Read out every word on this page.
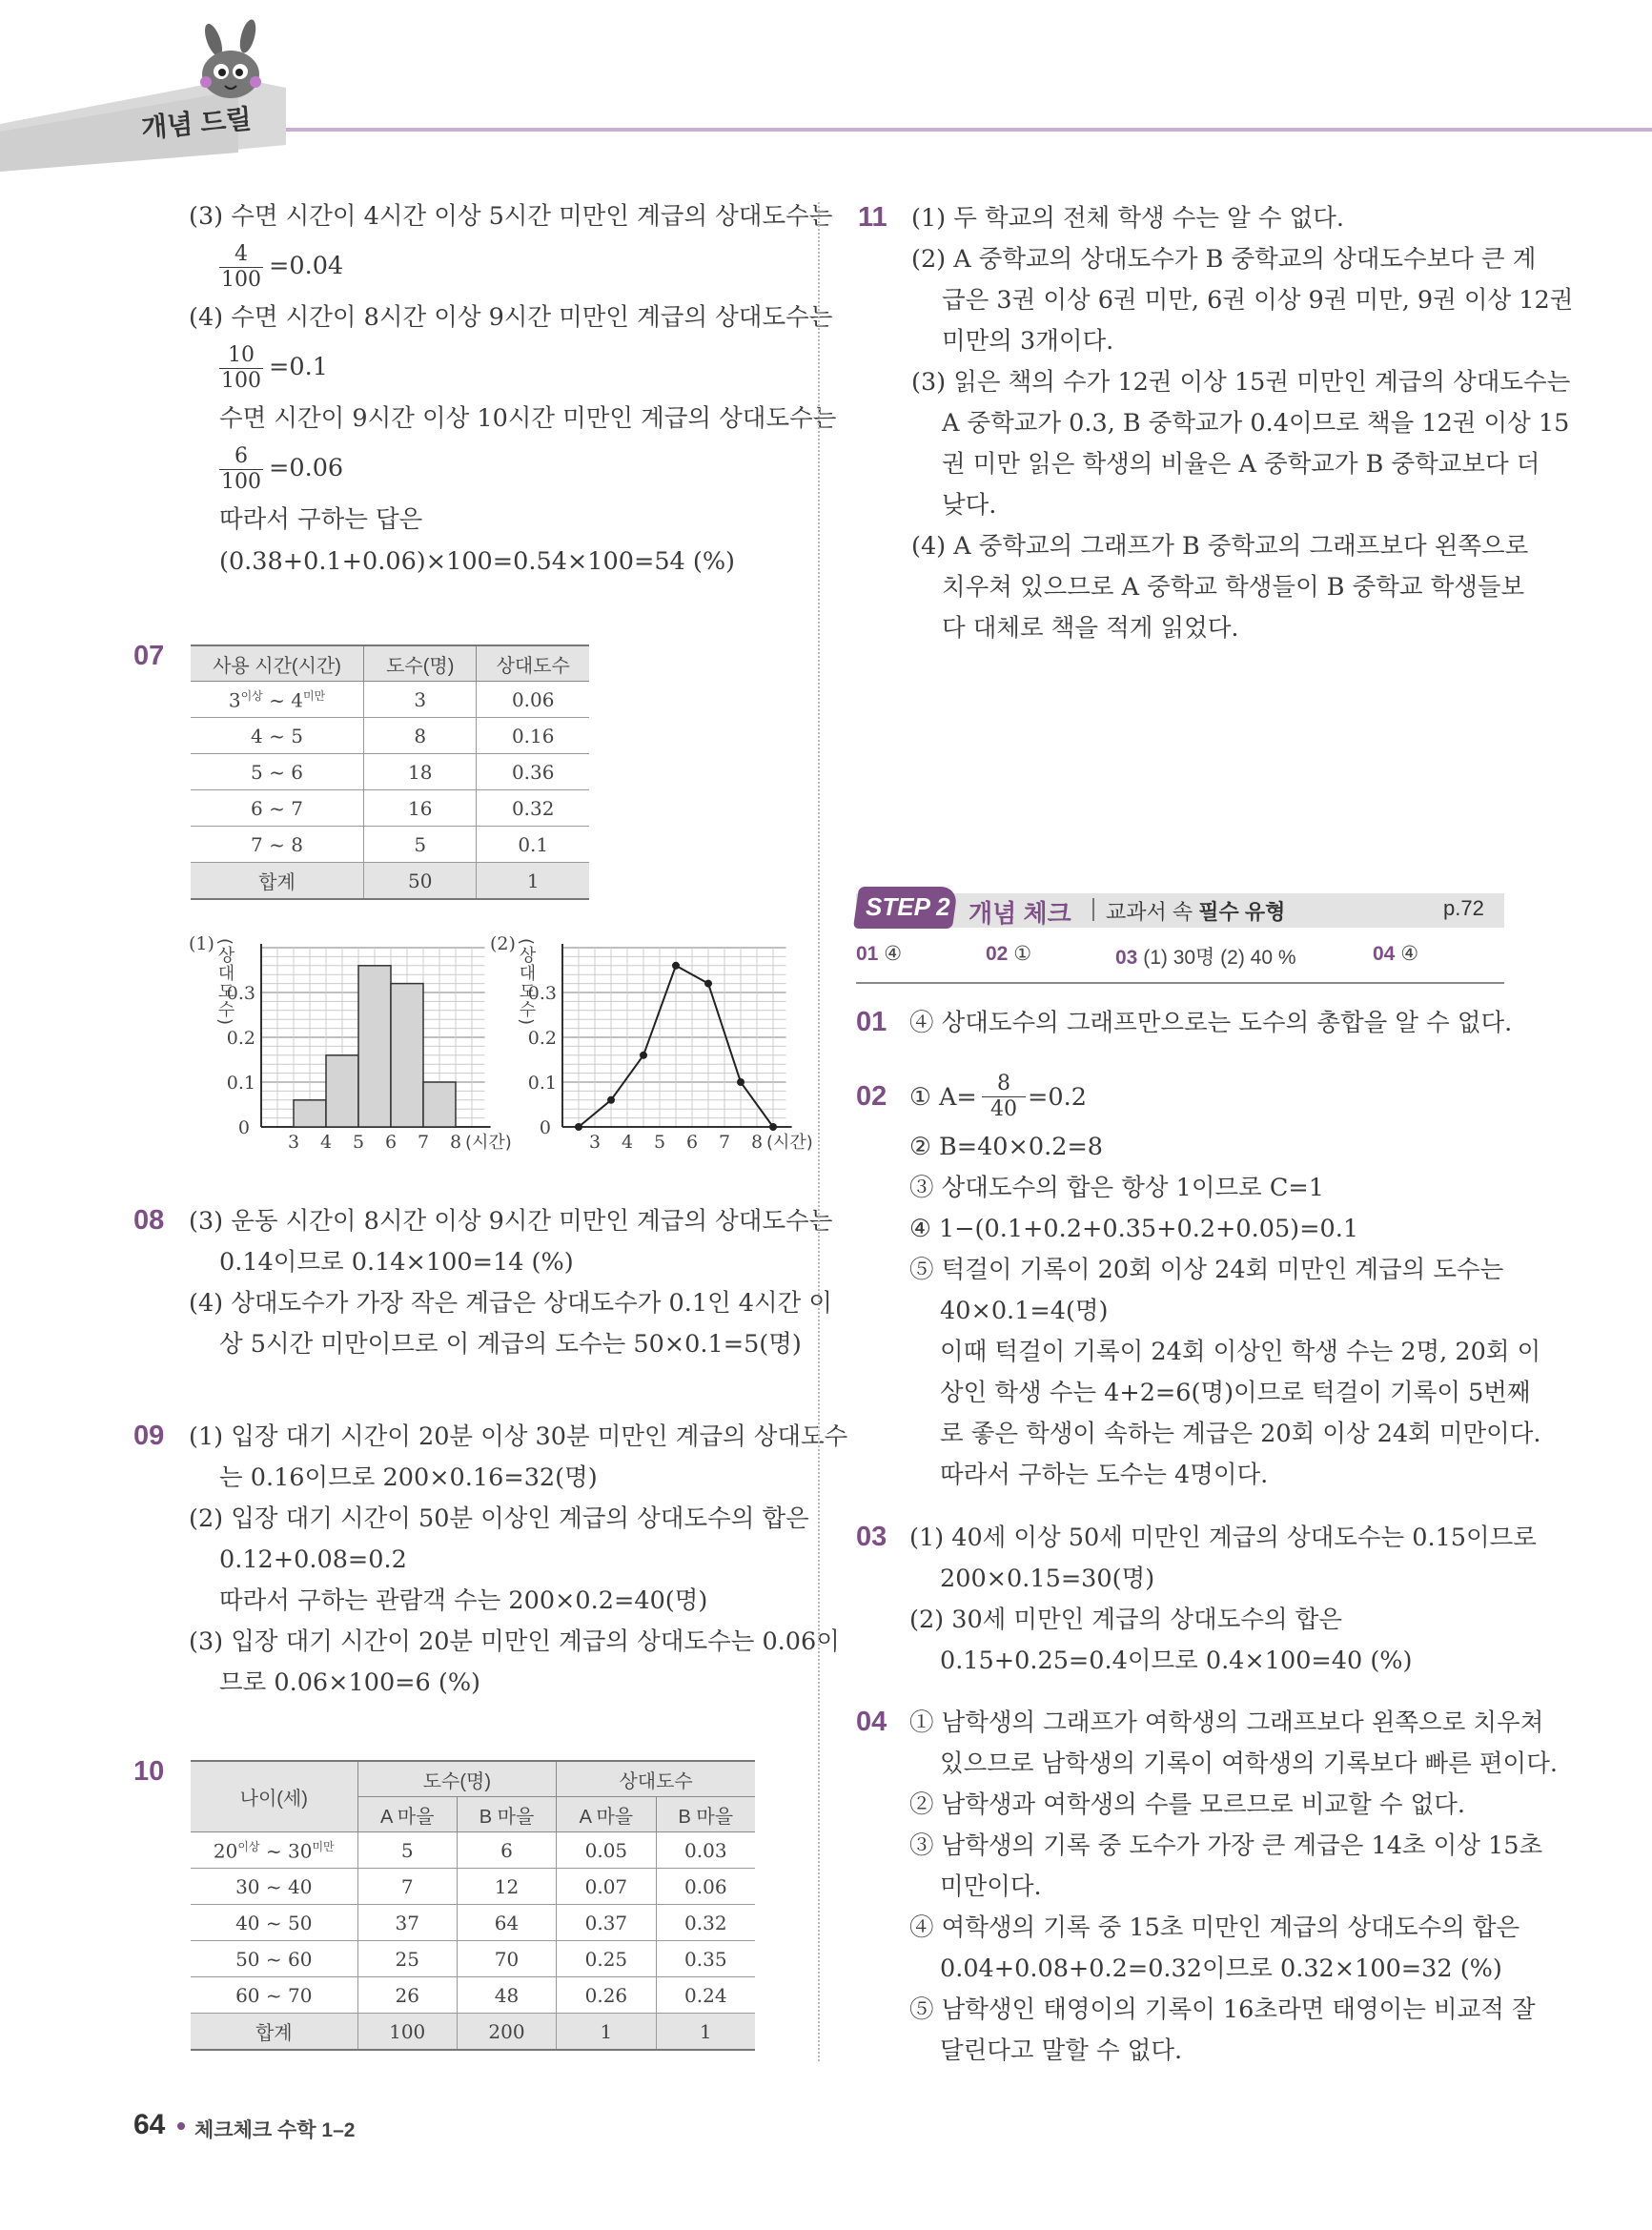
개념 드릴
(3) 수면 시간이 4시간 이상 5시간 미만인 계급의 상대도수는
$\frac{4}{100} =0.04$
(4) 수면 시간이 8시간 이상 9시간 미만인 계급의 상대도수는
$\frac{10}{100} =0.1$
수면 시간이 9시간 이상 10시간 미만인 계급의 상대도수는
$\frac{6}{100} =0.06$
따라서 구하는 답은
(0.38+0.1+0.06)×100=0.54×100=54 (%)
07	사용 시간(시간)	도수(명)	상대도수
$3^{이상}$ ~ $4^{미만}$	3	0.06
4 ~ 5	8	0.16
5 ~ 6	18	0.36
6 ~ 7	16	0.32
7 ~ 8	5	0.1
합계	50	1
0
0.1
0.2
0.3
3 4 5 6 7 8 (시간)
(1) (상대도수)
0
0.1
0.2
0.3
3 4 5 6 7 8 (시간)
(2) (상대도수)
08 (3) 운동 시간이 8시간 이상 9시간 미만인 계급의 상대도수는
0.14이므로 0.14×100=14 (%)
(4) 상대도수가 가장 작은 계급은 상대도수가 0.1인 4시간 이
상 5시간 미만이므로 이 계급의 도수는 50×0.1=5(명)
09 (1) 입장 대기 시간이 20분 이상 30분 미만인 계급의 상대도수
는 0.16이므로 200×0.16=32(명)
(2) 입장 대기 시간이 50분 이상인 계급의 상대도수의 합은
0.12+0.08=0.2
따라서 구하는 관람객 수는 200×0.2=40(명)
(3) 입장 대기 시간이 20분 미만인 계급의 상대도수는 0.06이
므로 0.06×100=6 (%)
10
나이(세)	도수(명)		상대도수	
	A 마을	B 마을	A 마을	B 마을
$20^{이상}$ ~ $30^{미만}$	5	6	0.05	0.03
30 ~ 40	7	12	0.07	0.06
40 ~ 50	37	64	0.37	0.32
50 ~ 60	25	70	0.25	0.35
60 ~ 70	26	48	0.26	0.24
합계	100	200	1	1
11 (1) 두 학교의 전체 학생 수는 알 수 없다.
(2) A 중학교의 상대도수가 B 중학교의 상대도수보다 큰 계
급은 3권 이상 6권 미만, 6권 이상 9권 미만, 9권 이상 12권
미만의 3개이다.
(3) 읽은 책의 수가 12권 이상 15권 미만인 계급의 상대도수는
A 중학교가 0.3, B 중학교가 0.4이므로 책을 12권 이상 15
권 미만 읽은 학생의 비율은 A 중학교가 B 중학교보다 더
낮다.
(4) A 중학교의 그래프가 B 중학교의 그래프보다 왼쪽으로
치우쳐 있으므로 A 중학교 학생들이 B 중학교 학생들보
다 대체로 책을 적게 읽었다.
STEP 2 개념 체크 교과서 속 필수 유형	p.72
01 ④	02 ①	03 (1) 30명 (2) 40 %	04 ④
01 ④ 상대도수의 그래프만으로는 도수의 총합을 알 수 없다.
02 ① $A= \frac{8}{40} =0.2$
② B=40×0.2=8
③ 상대도수의 합은 항상 1이므로 C=1
④ 1−(0.1+0.2+0.35+0.2+0.05)=0.1
⑤ 턱걸이 기록이 20회 이상 24회 미만인 계급의 도수는
40×0.1=4(명)
이때 턱걸이 기록이 24회 이상인 학생 수는 2명, 20회 이
상인 학생 수는 4+2=6(명)이므로 턱걸이 기록이 5번째
로 좋은 학생이 속하는 계급은 20회 이상 24회 미만이다.
따라서 구하는 도수는 4명이다.
03 (1) 40세 이상 50세 미만인 계급의 상대도수는 0.15이므로
200×0.15=30(명)
(2) 30세 미만인 계급의 상대도수의 합은
0.15+0.25=0.4이므로 0.4×100=40 (%)
04 ① 남학생의 그래프가 여학생의 그래프보다 왼쪽으로 치우쳐
있으므로 남학생의 기록이 여학생의 기록보다 빠른 편이다.
② 남학생과 여학생의 수를 모르므로 비교할 수 없다.
③ 남학생의 기록 중 도수가 가장 큰 계급은 14초 이상 15초
미만이다.
④ 여학생의 기록 중 15초 미만인 계급의 상대도수의 합은
0.04+0.08+0.2=0.32이므로 0.32×100=32 (%)
⑤ 남학생인 태영이의 기록이 16초라면 태영이는 비교적 잘
달린다고 말할 수 없다.
64 체크체크 수학 1–2
